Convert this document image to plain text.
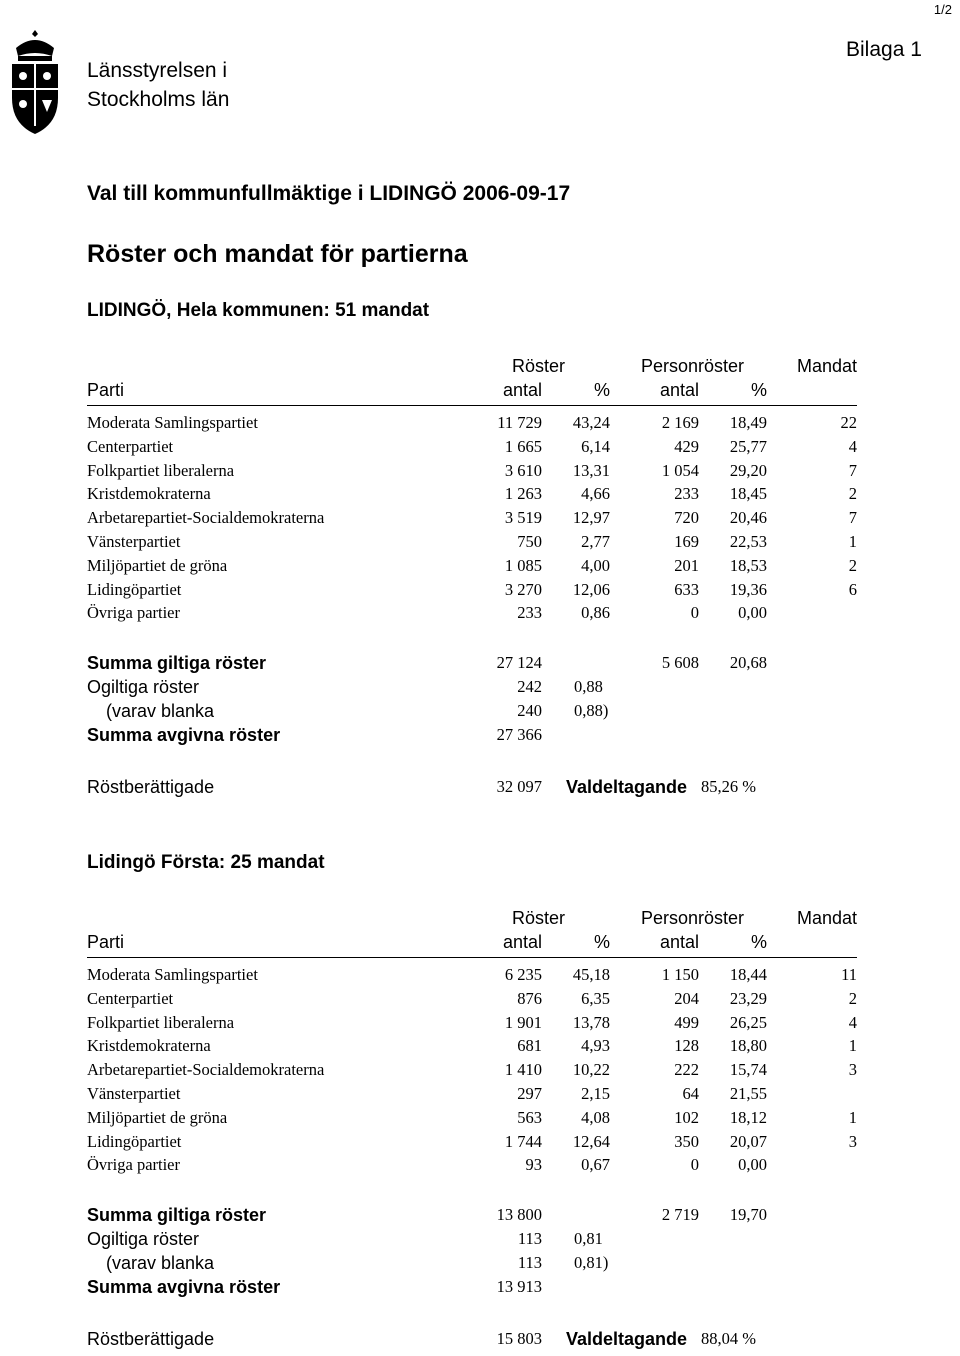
1/2
Länsstyrelsen i
Stockholms län
Bilaga 1
Val till kommunfullmäktige i LIDINGÖ 2006-09-17
Röster och mandat för partierna
LIDINGÖ, Hela kommunen: 51 mandat
Röster	Personröster	Mandat
Parti	antal	%	antal	%
Moderata Samlingspartiet	11 729 43,24	2 169 18,49	22
Centerpartiet	1 665 6,14	429 25,77	4
Folkpartiet liberalerna	3 610 13,31	1 054 29,20	7
Kristdemokraterna	1 263 4,66	233 18,45	2
Arbetarepartiet-Socialdemokraterna	3 519 12,97	720 20,46	7
Vänsterpartiet	750 2,77	169 22,53	1
Miljöpartiet de gröna	1 085 4,00	201 18,53	2
Lidingöpartiet	3 270 12,06	633 19,36	6
Övriga partier	233 0,86	0 0,00
Summa giltiga röster	27 124	5 608 20,68
Ogiltiga röster	242 0,88
(varav blanka	240 0,88)
Summa avgivna röster	27 366
Röstberättigade	32 097 Valdeltagande 85,26 %
Lidingö Första: 25 mandat
Röster	Personröster	Mandat
Parti	antal	%	antal	%
Moderata Samlingspartiet	6 235 45,18	1 150 18,44	11
Centerpartiet	876 6,35	204 23,29	2
Folkpartiet liberalerna	1 901 13,78	499 26,25	4
Kristdemokraterna	681 4,93	128 18,80	1
Arbetarepartiet-Socialdemokraterna	1 410 10,22	222 15,74	3
Vänsterpartiet	297 2,15	64 21,55
Miljöpartiet de gröna	563 4,08	102 18,12	1
Lidingöpartiet	1 744 12,64	350 20,07	3
Övriga partier	93 0,67	0 0,00
Summa giltiga röster	13 800	2 719 19,70
Ogiltiga röster	113 0,81
(varav blanka	113 0,81)
Summa avgivna röster	13 913
Röstberättigade	15 803 Valdeltagande 88,04 %
